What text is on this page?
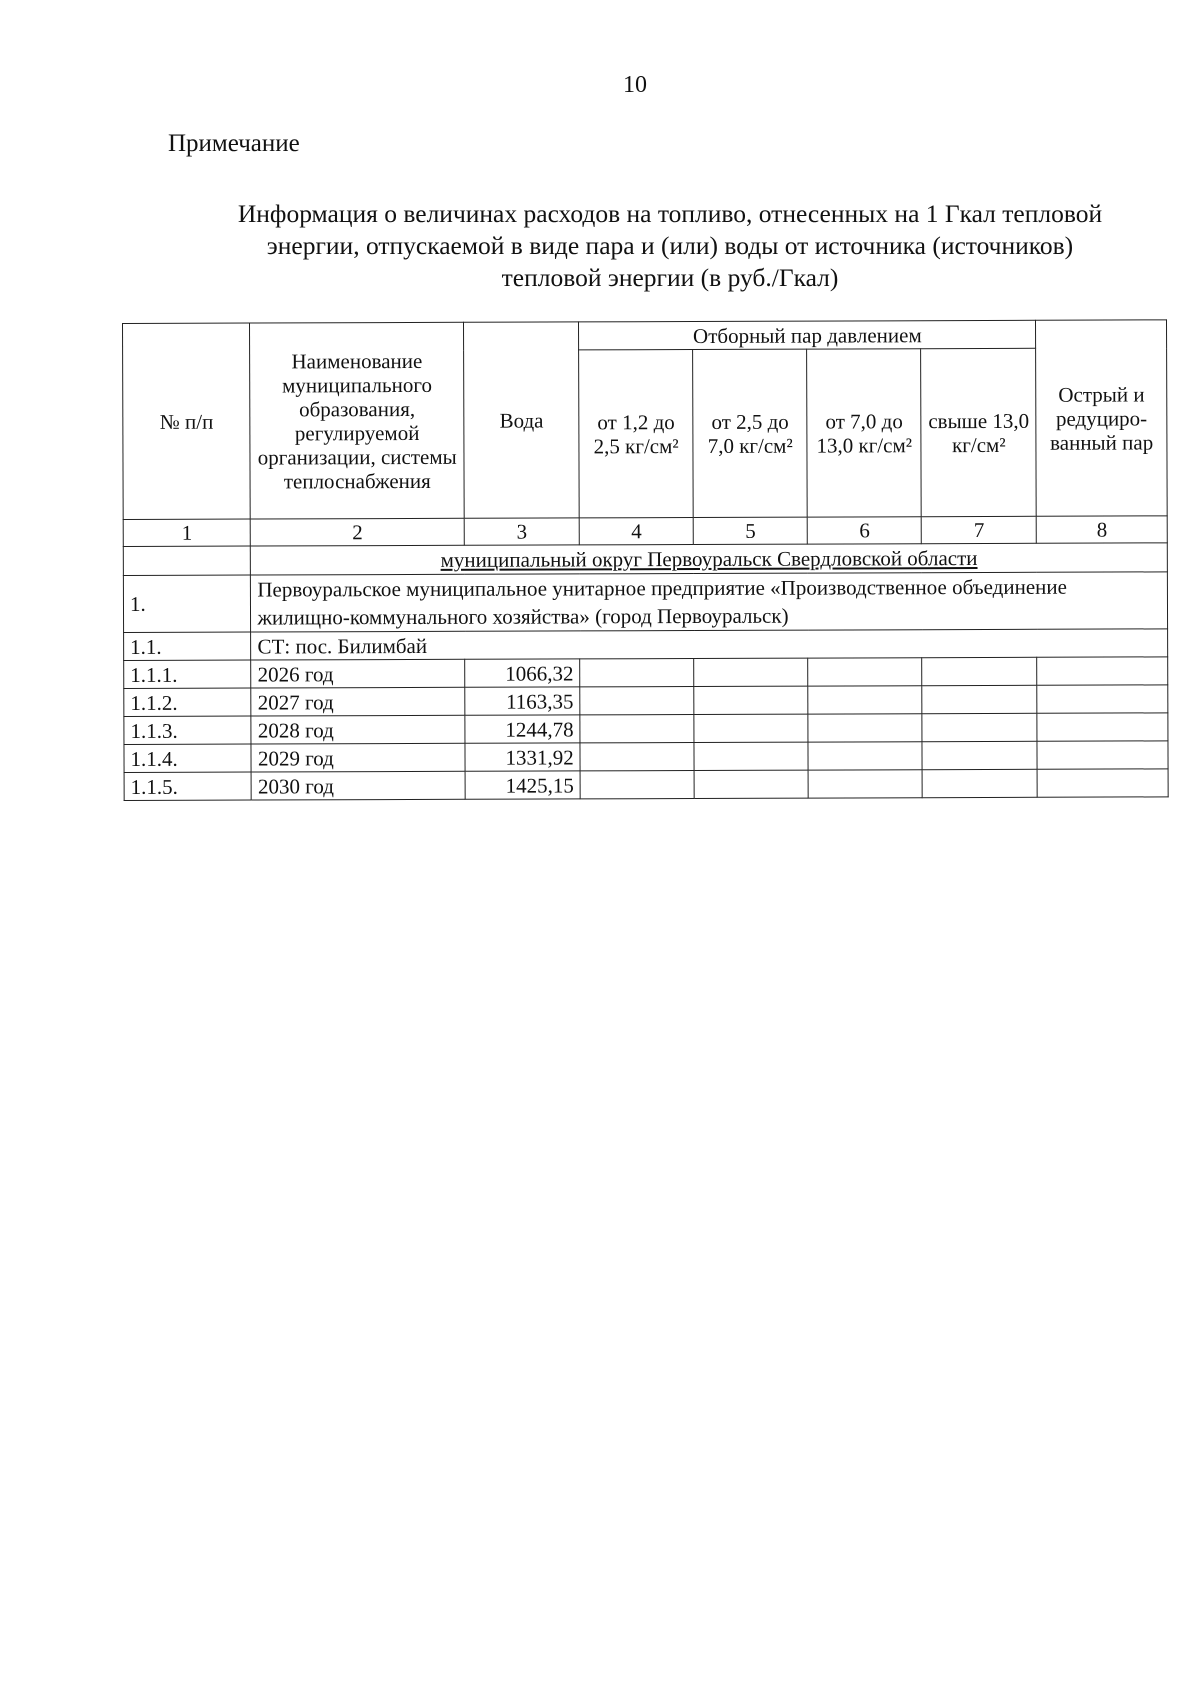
10
Примечание
Информация о величинах расходов на топливо, отнесенных на 1 Гкал тепловой
энергии, отпускаемой в виде пара и (или) воды от источника (источников)
тепловой энергии (в руб./Гкал)
№ п/п	Наименование муниципального образования, регулируемой организации, системы теплоснабжения	Вода	Отборный пар давлением				Острый и редуциро-ванный пар
			от 1,2 до 2,5 кг/см²	от 2,5 до 7,0 кг/см²	от 7,0 до 13,0 кг/см²	свыше 13,0 кг/см²	
1	2	3	4	5	6	7	8
	муниципальный округ Первоуральск Свердловской области						
1.	Первоуральское муниципальное унитарное предприятие «Производственное объединение жилищно-коммунального хозяйства» (город Первоуральск)						
1.1.	СТ: пос. Билимбай						
1.1.1.	2026 год	1066,32					
1.1.2.	2027 год	1163,35					
1.1.3.	2028 год	1244,78					
1.1.4.	2029 год	1331,92					
1.1.5.	2030 год	1425,15					
